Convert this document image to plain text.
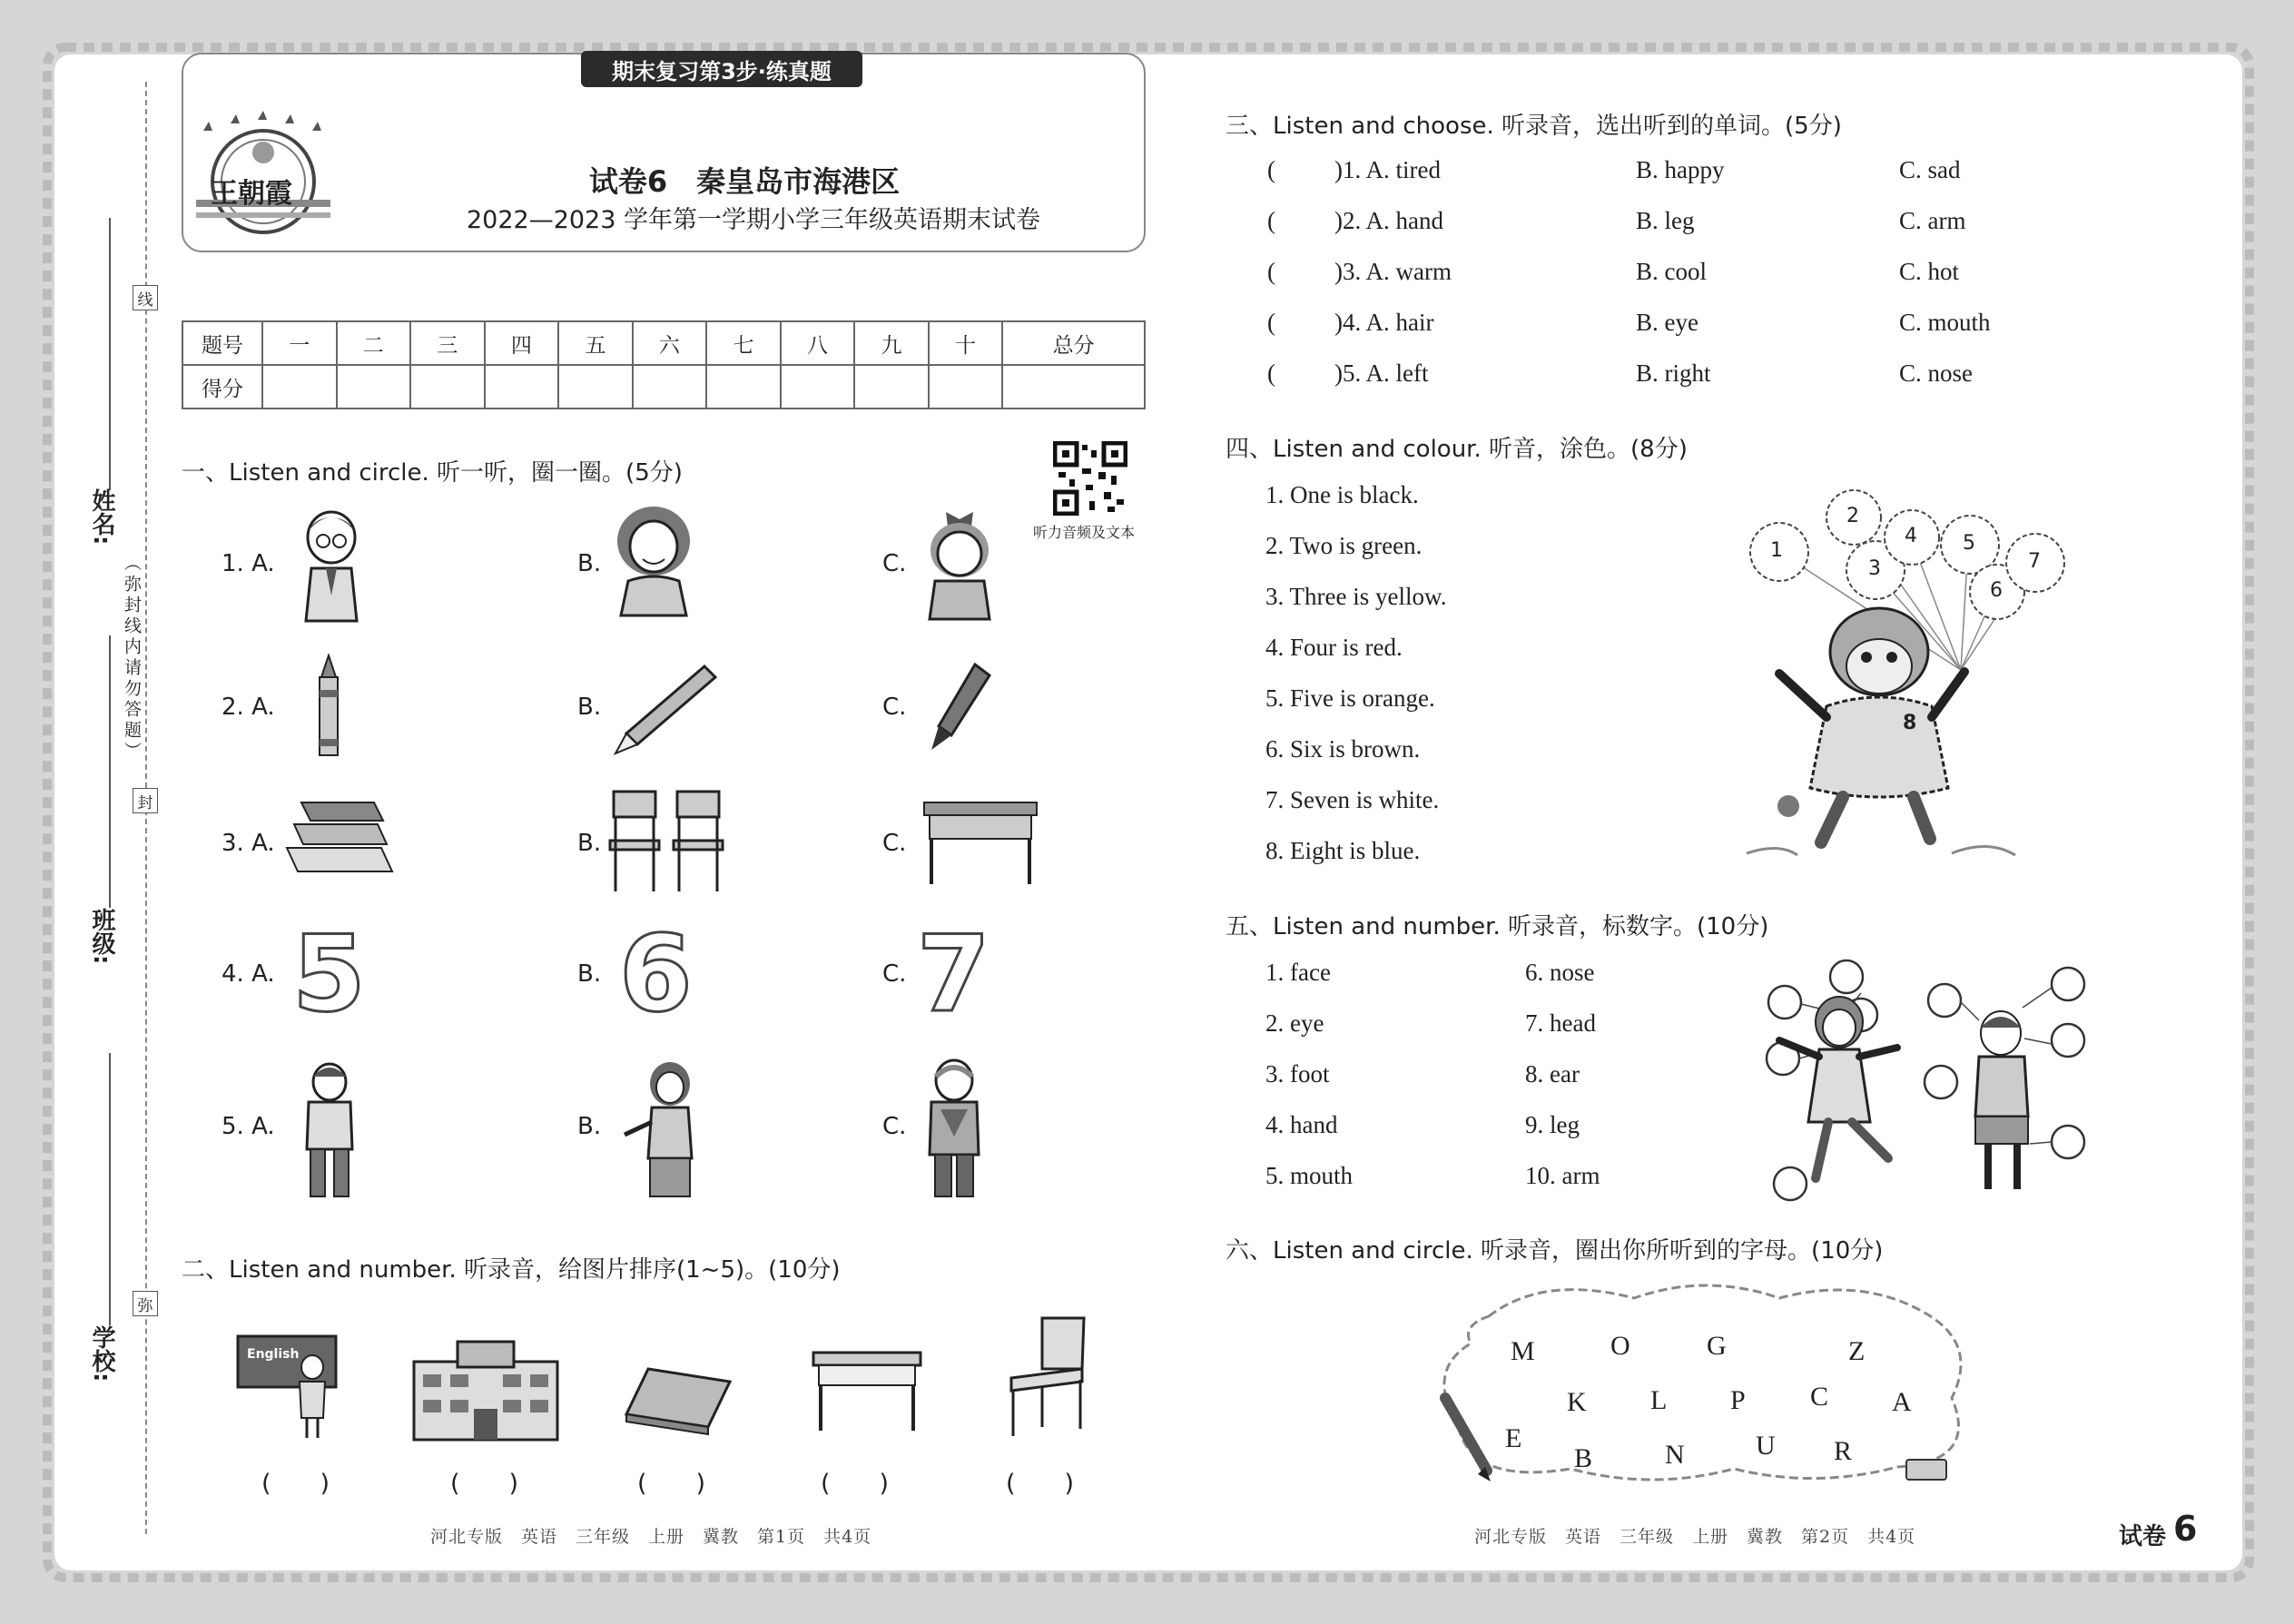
线
封
弥
（弥封线内请勿答题）
姓名:
班级:
学校:
王朝霞
期末复习第3步·练真题
试卷6　秦皇岛市海港区
2022—2023 学年第一学期小学三年级英语期末试卷
题号	一	二	三	四	五	六	七	八	九	十	总分
得分											
听力音频及文本
一、Listen and circle. 听一听，圈一圈。(5分)
1. A.	B.	C.
2. A.	B.	C.
3. A.	B.	C.
4. A. 5	B. 6	C. 7
5. A.	B.	C.
二、Listen and number. 听录音，给图片排序(1~5)。(10分)
English
(　　)	(　　)	(　　)	(　　)	(　　)
河北专版　英语　三年级　上册　冀教　第1页　共4页
三、Listen and choose. 听录音，选出听到的单词。(5分)
( )1. A. tired	B. happy	C. sad
( )2. A. hand	B. leg	C. arm
( )3. A. warm	B. cool	C. hot
( )4. A. hair	B. eye	C. mouth
( )5. A. left	B. right	C. nose
四、Listen and colour. 听音，涂色。(8分)
1. One is black.
2. Two is green.
3. Three is yellow.
4. Four is red.
5. Five is orange.
6. Six is brown.
7. Seven is white.
8. Eight is blue.
1
2
3
4 5
6
7
8
五、Listen and number. 听录音，标数字。(10分)
1. face
2. eye
3. foot
4. hand
5. mouth
6. nose
7. head
8. ear
9. leg
10. arm
六、Listen and circle. 听录音，圈出你所听到的字母。(10分)
M	O	G	Z
K L P C A
E
B	N	U R
河北专版　英语　三年级　上册　冀教　第2页　共4页	试卷 6
